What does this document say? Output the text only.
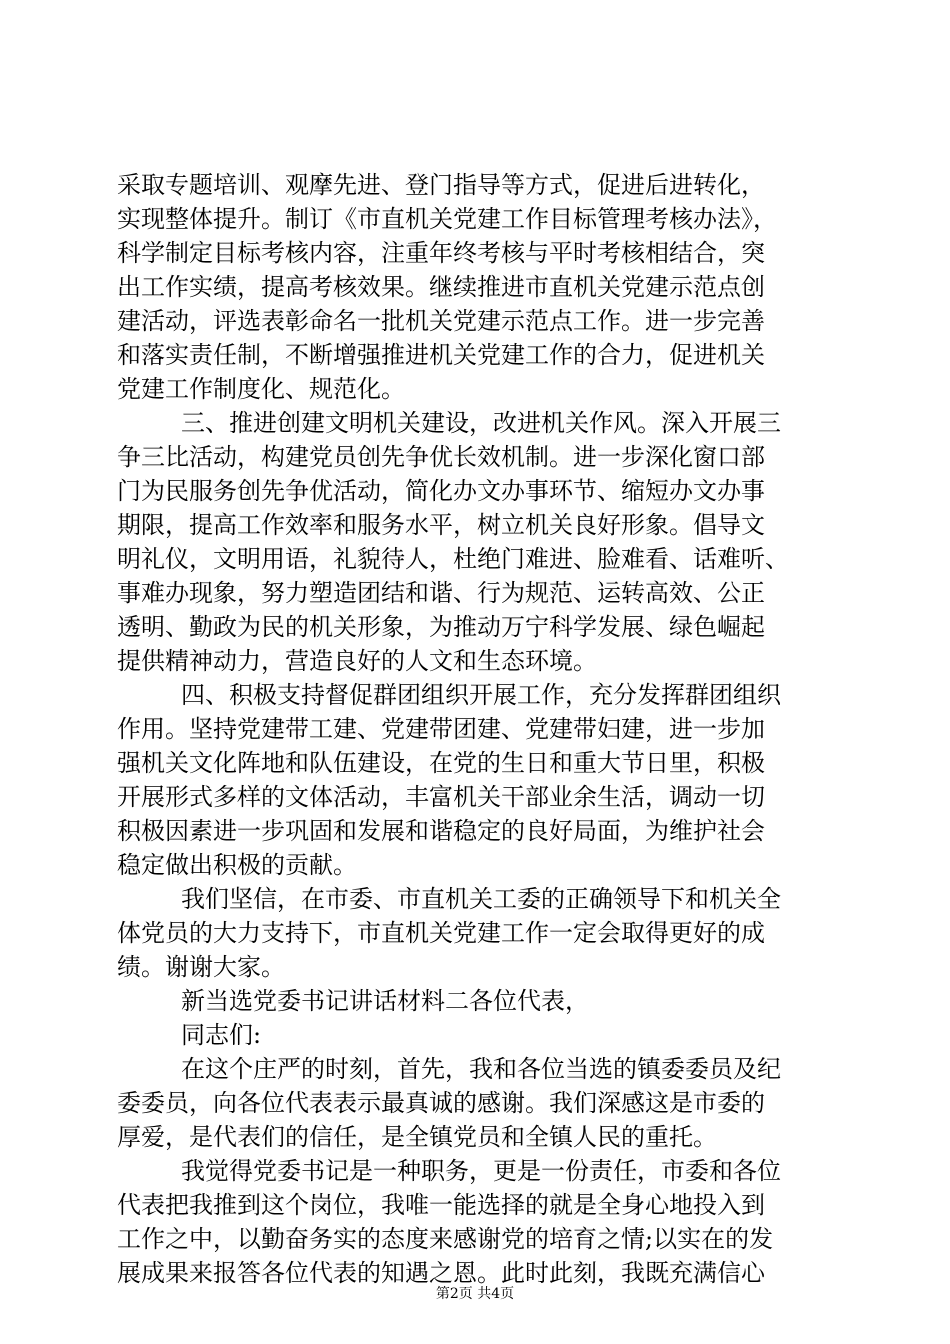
采取专题培训、观摩先进、登门指导等方式，促进后进转化，
实现整体提升。制订《市直机关党建工作目标管理考核办法》，
科学制定目标考核内容，注重年终考核与平时考核相结合，突
出工作实绩，提高考核效果。继续推进市直机关党建示范点创
建活动，评选表彰命名一批机关党建示范点工作。进一步完善
和落实责任制，不断增强推进机关党建工作的合力，促进机关
党建工作制度化、规范化。
三、推进创建文明机关建设，改进机关作风。深入开展三
争三比活动，构建党员创先争优长效机制。进一步深化窗口部
门为民服务创先争优活动，简化办文办事环节、缩短办文办事
期限，提高工作效率和服务水平，树立机关良好形象。倡导文
明礼仪，文明用语，礼貌待人，杜绝门难进、脸难看、话难听、
事难办现象，努力塑造团结和谐、行为规范、运转高效、公正
透明、勤政为民的机关形象，为推动万宁科学发展、绿色崛起
提供精神动力，营造良好的人文和生态环境。
四、积极支持督促群团组织开展工作，充分发挥群团组织
作用。坚持党建带工建、党建带团建、党建带妇建，进一步加
强机关文化阵地和队伍建设，在党的生日和重大节日里，积极
开展形式多样的文体活动，丰富机关干部业余生活，调动一切
积极因素进一步巩固和发展和谐稳定的良好局面，为维护社会
稳定做出积极的贡献。
我们坚信，在市委、市直机关工委的正确领导下和机关全
体党员的大力支持下，市直机关党建工作一定会取得更好的成
绩。谢谢大家。
新当选党委书记讲话材料二各位代表，
同志们:
在这个庄严的时刻，首先，我和各位当选的镇委委员及纪
委委员，向各位代表表示最真诚的感谢。我们深感这是市委的
厚爱，是代表们的信任，是全镇党员和全镇人民的重托。
我觉得党委书记是一种职务，更是一份责任，市委和各位
代表把我推到这个岗位，我唯一能选择的就是全身心地投入到
工作之中，以勤奋务实的态度来感谢党的培育之情;以实在的发
展成果来报答各位代表的知遇之恩。此时此刻，我既充满信心
第2页 共4页
